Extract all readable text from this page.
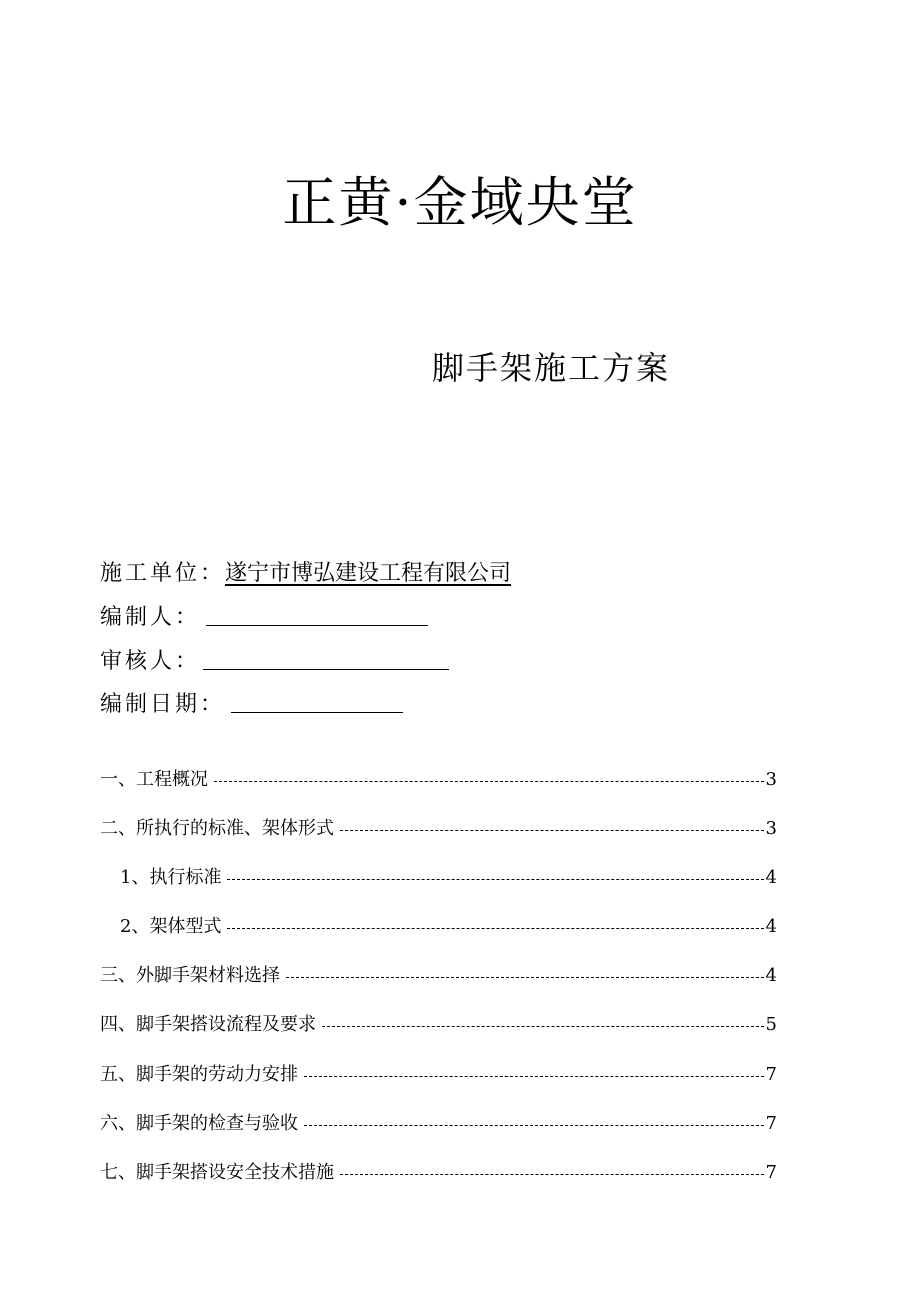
正黄·金域央堂
脚手架施工方案
施工单位： 遂宁市博弘建设工程有限公司
编制人：
审核人：
编制日期：
一、工程概况	3
二、所执行的标准、架体形式	3
1、执行标准	4
2、架体型式	4
三、外脚手架材料选择	4
四、脚手架搭设流程及要求	5
五、脚手架的劳动力安排	7
六、脚手架的检查与验收	7
七、脚手架搭设安全技术措施	7
